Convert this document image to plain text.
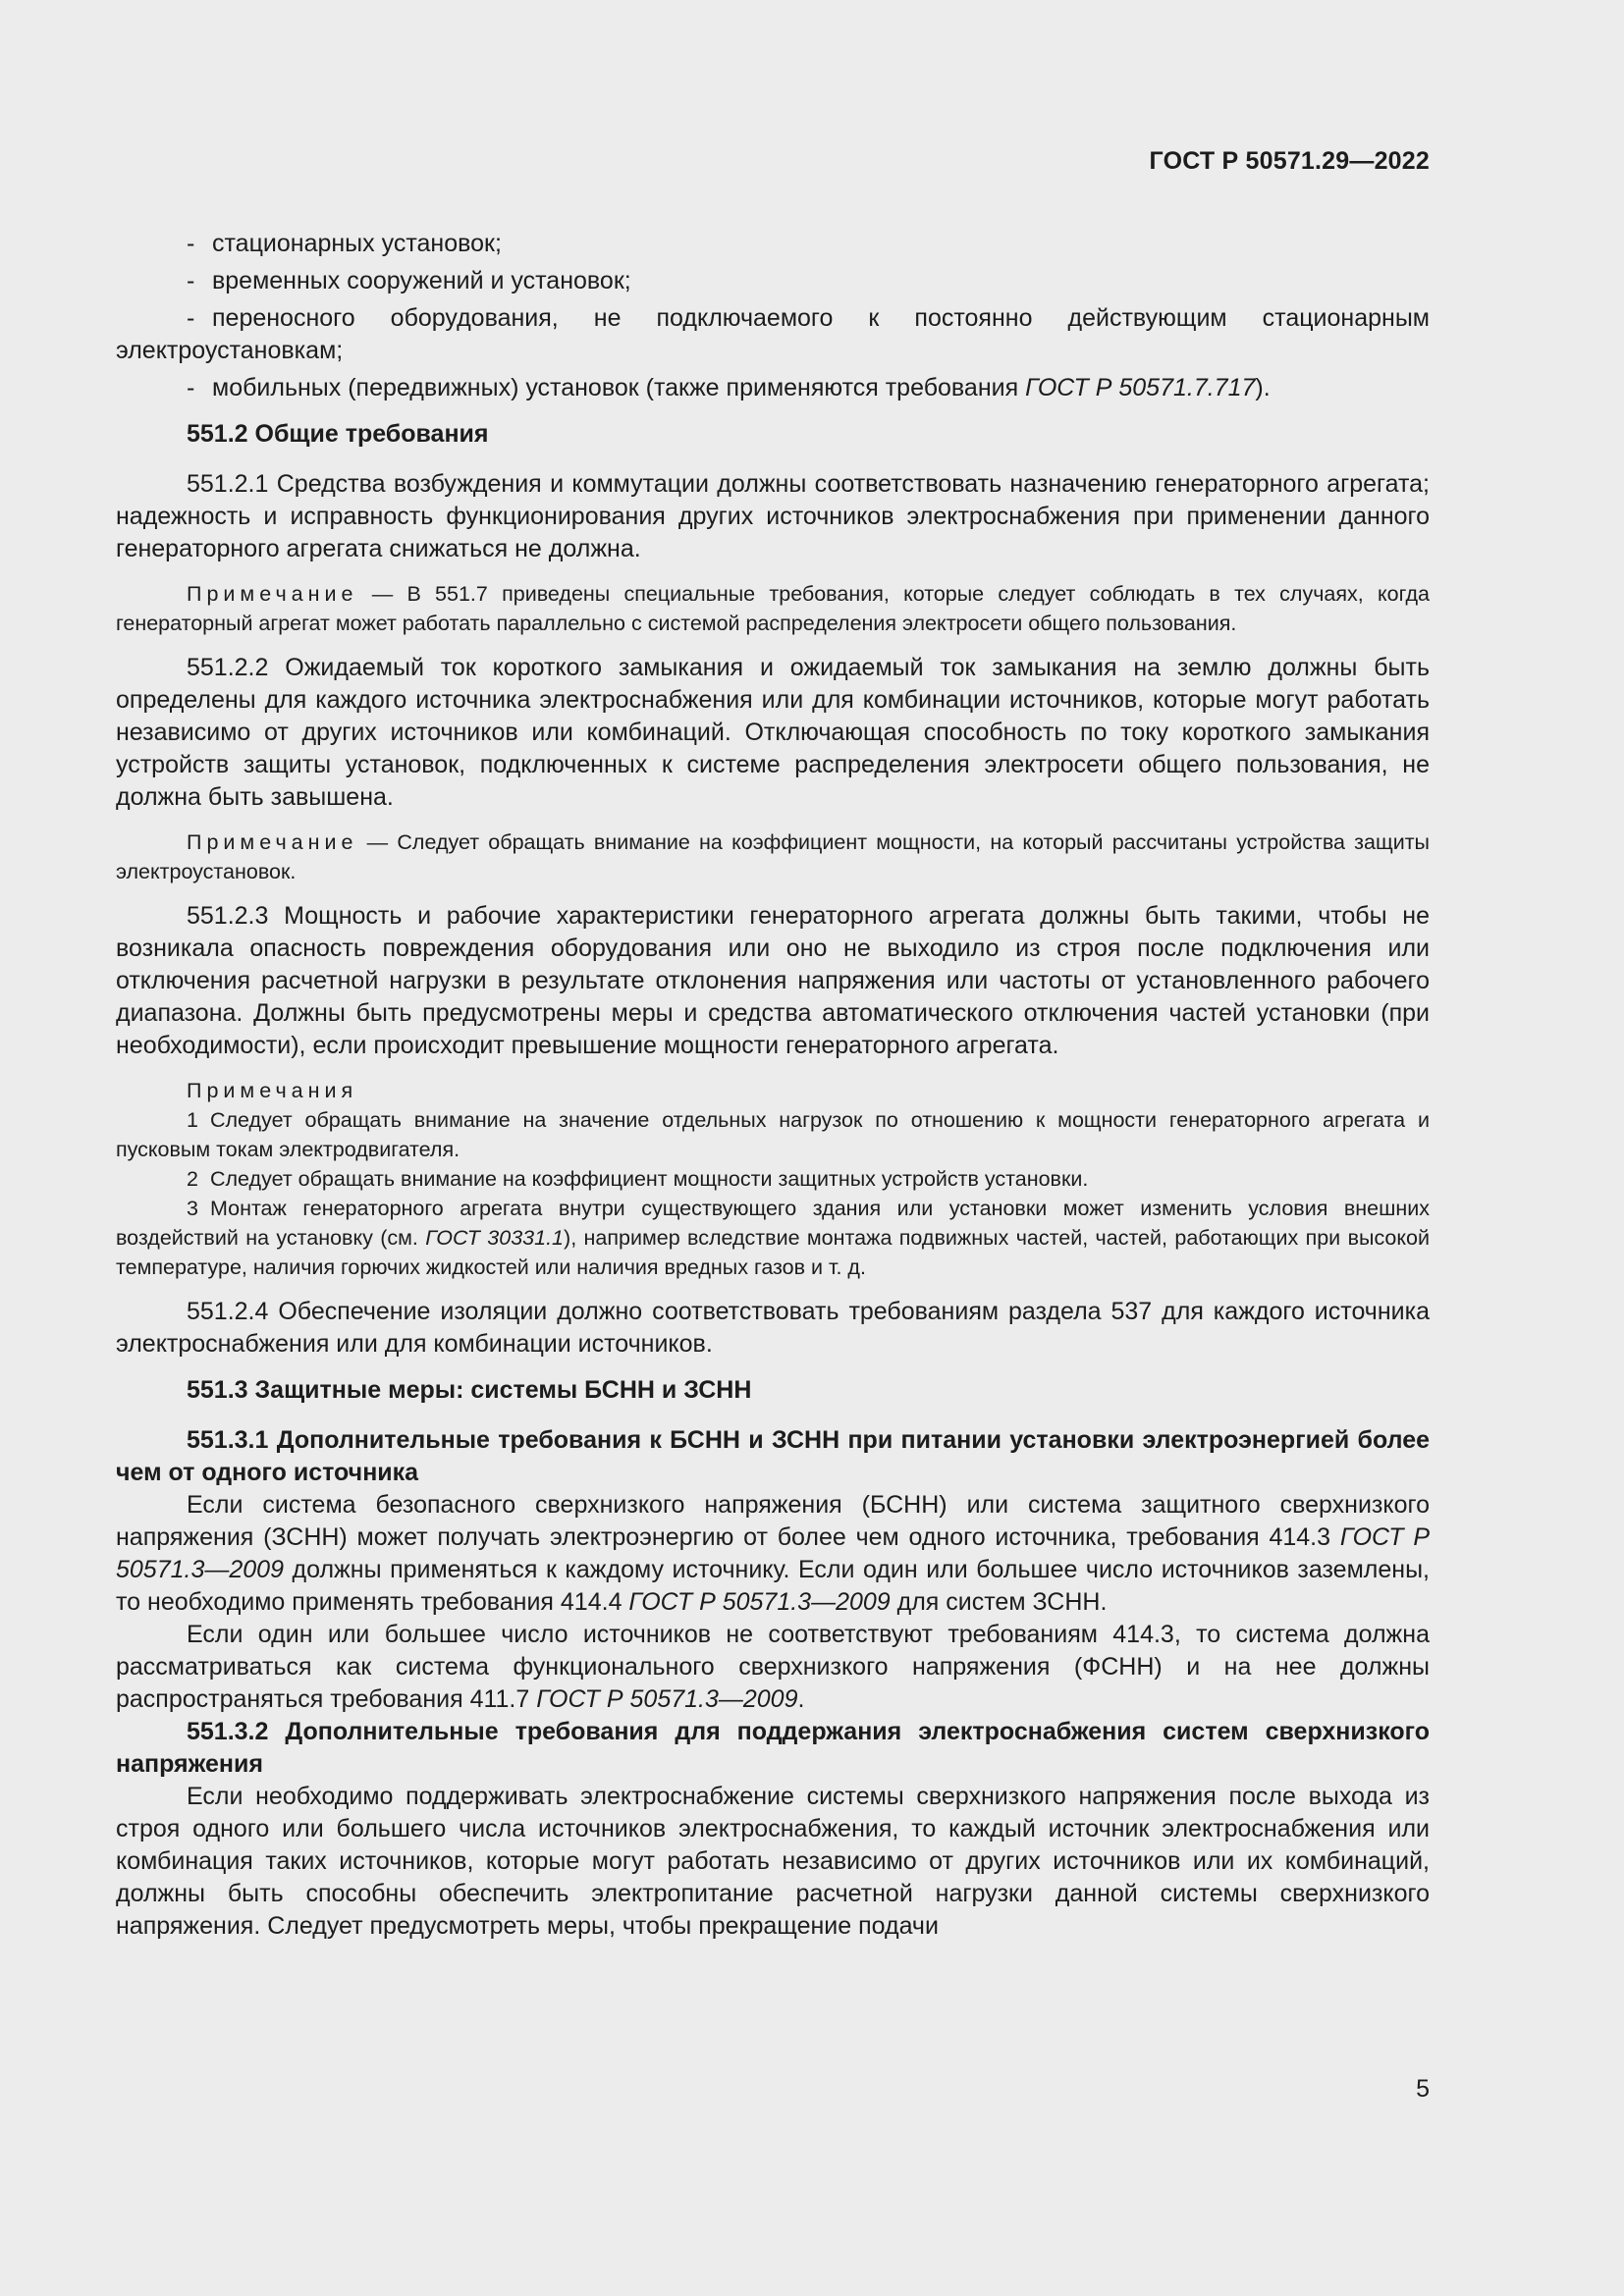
ГОСТ Р 50571.29—2022

- стационарных установок;

- временных сооружений и установок;

- переносного оборудования, не подключаемого к постоянно действующим стационарным электроустановкам;

- мобильных (передвижных) установок (также применяются требования ГОСТ Р 50571.7.717).

551.2 Общие требования

551.2.1 Средства возбуждения и коммутации должны соответствовать назначению генераторного агрегата; надежность и исправность функционирования других источников электроснабжения при применении данного генераторного агрегата снижаться не должна.

Примечание — В 551.7 приведены специальные требования, которые следует соблюдать в тех случаях, когда генераторный агрегат может работать параллельно с системой распределения электросети общего пользования.

551.2.2 Ожидаемый ток короткого замыкания и ожидаемый ток замыкания на землю должны быть определены для каждого источника электроснабжения или для комбинации источников, которые могут работать независимо от других источников или комбинаций. Отключающая способность по току короткого замыкания устройств защиты установок, подключенных к системе распределения электросети общего пользования, не должна быть завышена.

Примечание — Следует обращать внимание на коэффициент мощности, на который рассчитаны устройства защиты электроустановок.

551.2.3 Мощность и рабочие характеристики генераторного агрегата должны быть такими, чтобы не возникала опасность повреждения оборудования или оно не выходило из строя после подключения или отключения расчетной нагрузки в результате отклонения напряжения или частоты от установленного рабочего диапазона. Должны быть предусмотрены меры и средства автоматического отключения частей установки (при необходимости), если происходит превышение мощности генераторного агрегата.

Примечания

1 Следует обращать внимание на значение отдельных нагрузок по отношению к мощности генераторного агрегата и пусковым токам электродвигателя.

2 Следует обращать внимание на коэффициент мощности защитных устройств установки.

3 Монтаж генераторного агрегата внутри существующего здания или установки может изменить условия внешних воздействий на установку (см. ГОСТ 30331.1), например вследствие монтажа подвижных частей, частей, работающих при высокой температуре, наличия горючих жидкостей или наличия вредных газов и т. д.

551.2.4 Обеспечение изоляции должно соответствовать требованиям раздела 537 для каждого источника электроснабжения или для комбинации источников.

551.3 Защитные меры: системы БСНН и ЗСНН

551.3.1 Дополнительные требования к БСНН и ЗСНН при питании установки электроэнергией более чем от одного источника

Если система безопасного сверхнизкого напряжения (БСНН) или система защитного сверхнизкого напряжения (ЗСНН) может получать электроэнергию от более чем одного источника, требования 414.3 ГОСТ Р 50571.3—2009 должны применяться к каждому источнику. Если один или большее число источников заземлены, то необходимо применять требования 414.4 ГОСТ Р 50571.3—2009 для систем ЗСНН.

Если один или большее число источников не соответствуют требованиям 414.3, то система должна рассматриваться как система функционального сверхнизкого напряжения (ФСНН) и на нее должны распространяться требования 411.7 ГОСТ Р 50571.3—2009.

551.3.2 Дополнительные требования для поддержания электроснабжения систем сверхнизкого напряжения

Если необходимо поддерживать электроснабжение системы сверхнизкого напряжения после выхода из строя одного или большего числа источников электроснабжения, то каждый источник электроснабжения или комбинация таких источников, которые могут работать независимо от других источников или их комбинаций, должны быть способны обеспечить электропитание расчетной нагрузки данной системы сверхнизкого напряжения. Следует предусмотреть меры, чтобы прекращение подачи

5
